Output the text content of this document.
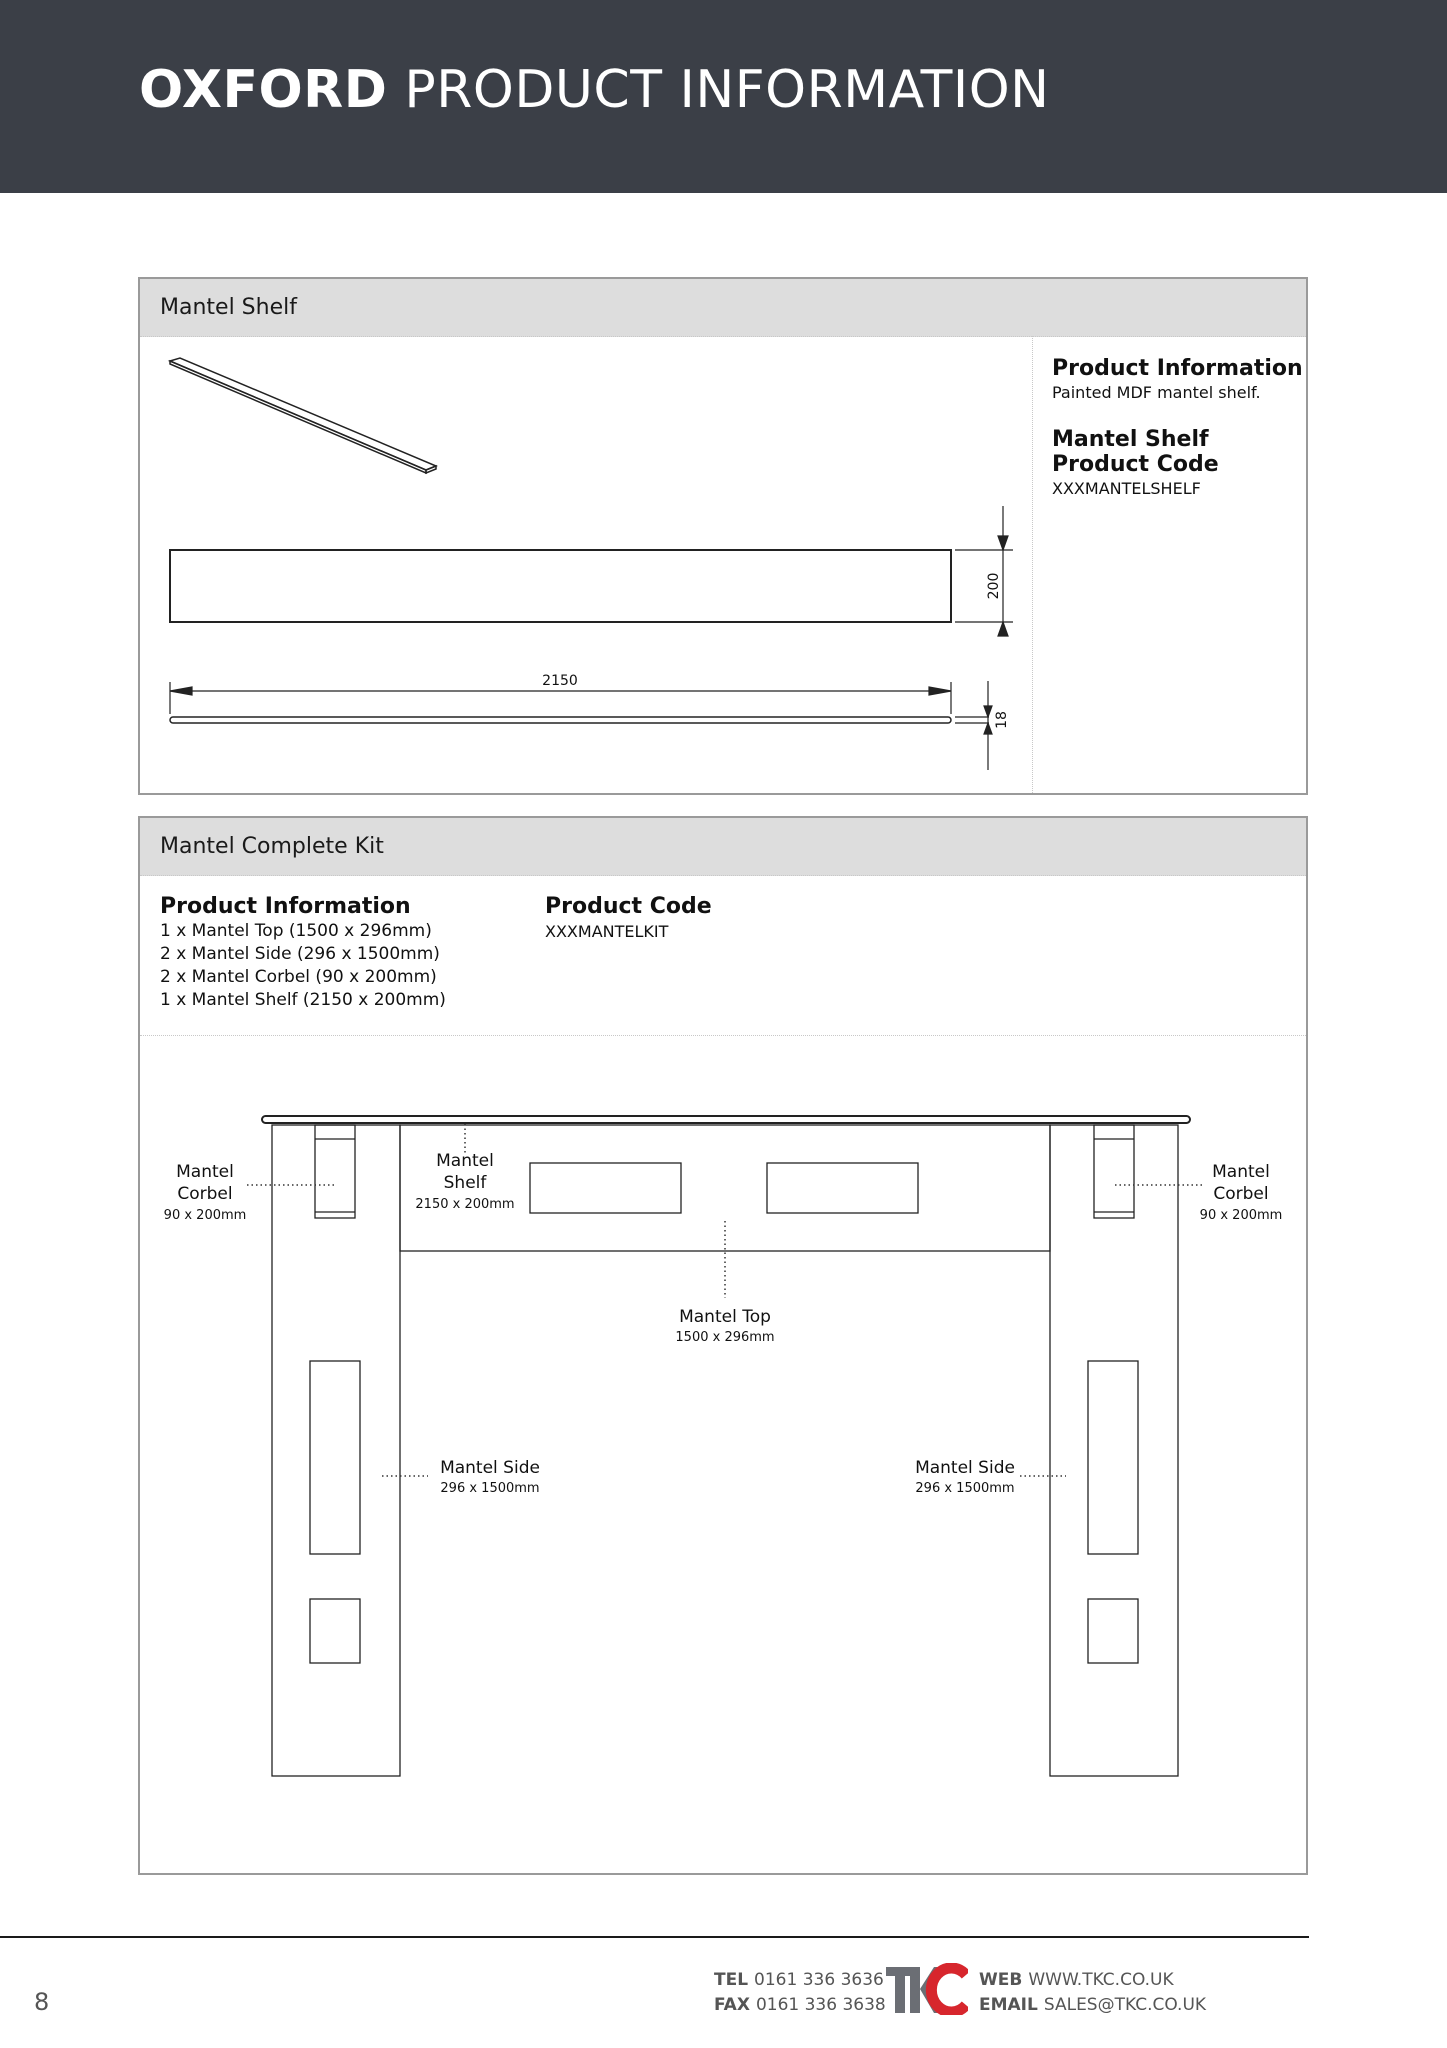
OXFORD PRODUCT INFORMATION
Mantel Shelf
Product Information
Painted MDF mantel shelf.
Mantel Shelf
Product Code
XXXMANTELSHELF
200
2150
18
Mantel Complete Kit
Product Information
1 x Mantel Top (1500 x 296mm)
2 x Mantel Side (296 x 1500mm)
2 x Mantel Corbel (90 x 200mm)
1 x Mantel Shelf (2150 x 200mm)
Product Code
XXXMANTELKIT
Mantel
Corbel
90 x 200mm
Mantel
Shelf
2150 x 200mm
Mantel
Corbel
90 x 200mm
Mantel Top
1500 x 296mm
Mantel Side
296 x 1500mm
Mantel Side
296 x 1500mm
8
TEL 0161 336 3636
FAX 0161 336 3638
WEB WWW.TKC.CO.UK
EMAIL SALES@TKC.CO.UK
